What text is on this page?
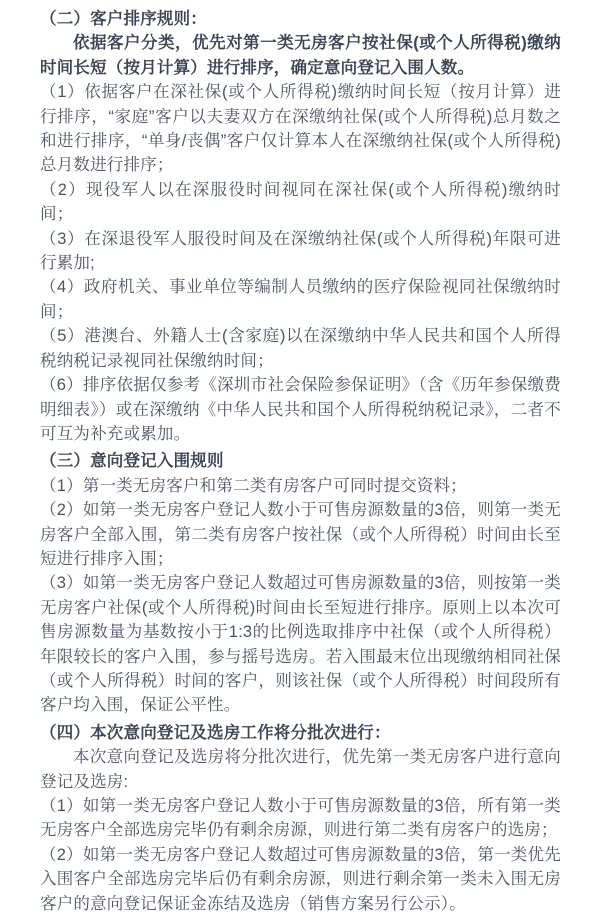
（二）客户排序规则：

依据客户分类，优先对第一类无房客户按社保(或个人所得税)缴纳时间长短（按月计算）进行排序，确定意向登记入围人数。

（1）依据客户在深社保(或个人所得税)缴纳时间长短（按月计算）进行排序，“家庭”客户以夫妻双方在深缴纳社保(或个人所得税)总月数之和进行排序，“单身/丧偶”客户仅计算本人在深缴纳社保(或个人所得税)总月数进行排序；

（2）现役军人以在深服役时间视同在深社保(或个人所得税)缴纳时间；

（3）在深退役军人服役时间及在深缴纳社保(或个人所得税)年限可进行累加;

（4）政府机关、事业单位等编制人员缴纳的医疗保险视同社保缴纳时间；

（5）港澳台、外籍人士(含家庭)以在深缴纳中华人民共和国个人所得税纳税记录视同社保缴纳时间；

（6）排序依据仅参考《深圳市社会保险参保证明》（含《历年参保缴费明细表》）或在深缴纳《中华人民共和国个人所得税纳税记录》，二者不可互为补充或累加。

（三）意向登记入围规则

（1）第一类无房客户和第二类有房客户可同时提交资料；

（2）如第一类无房客户登记人数小于可售房源数量的3倍，则第一类无房客户全部入围，第二类有房客户按社保（或个人所得税）时间由长至短进行排序入围；

（3）如第一类无房客户登记人数超过可售房源数量的3倍，则按第一类无房客户社保(或个人所得税)时间由长至短进行排序。原则上以本次可售房源数量为基数按小于1:3的比例选取排序中社保（或个人所得税）年限较长的客户入围，参与摇号选房。若入围最末位出现缴纳相同社保（或个人所得税）时间的客户，则该社保（或个人所得税）时间段所有客户均入围，保证公平性。

（四）本次意向登记及选房工作将分批次进行：

本次意向登记及选房将分批次进行，优先第一类无房客户进行意向登记及选房:

（1）如第一类无房客户登记人数小于可售房源数量的3倍，所有第一类无房客户全部选房完毕仍有剩余房源，则进行第二类有房客户的选房；

（2）如第一类无房客户登记人数超过可售房源数量的3倍，第一类优先入围客户全部选房完毕后仍有剩余房源，则进行剩余第一类未入围无房客户的意向登记保证金冻结及选房（销售方案另行公示）。
